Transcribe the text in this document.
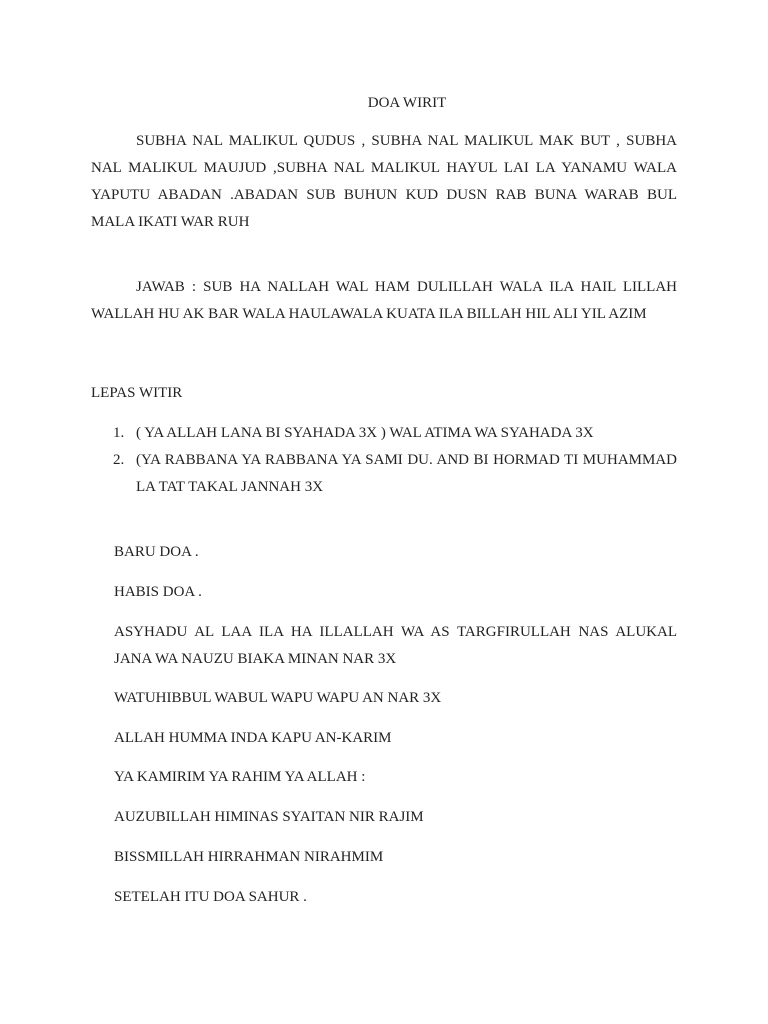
DOA WIRIT

SUBHA NAL MALIKUL QUDUS , SUBHA NAL MALIKUL MAK BUT , SUBHA NAL MALIKUL MAUJUD ,SUBHA NAL MALIKUL HAYUL LAI LA YANAMU WALA YAPUTU ABADAN .ABADAN SUB BUHUN KUD DUSN RAB BUNA WARAB BUL MALA IKATI WAR RUH

JAWAB : SUB HA NALLAH WAL HAM DULILLAH WALA ILA HAIL LILLAH WALLAH HU AK BAR WALA HAULAWALA KUATA ILA BILLAH HIL ALI YIL AZIM

LEPAS WITIR

1. ( YA ALLAH LANA BI SYAHADA 3X ) WAL ATIMA WA SYAHADA 3X
2. (YA RABBANA YA RABBANA YA SAMI DU. AND BI HORMAD TI MUHAMMAD LA TAT TAKAL JANNAH 3X

BARU DOA .

HABIS DOA .

ASYHADU AL LAA ILA HA ILLALLAH WA AS TARGFIRULLAH NAS ALUKAL JANA WA NAUZU BIAKA MINAN NAR 3X

WATUHIBBUL WABUL WAPU WAPU AN NAR 3X

ALLAH HUMMA INDA KAPU AN-KARIM

YA KAMIRIM YA RAHIM YA ALLAH :

AUZUBILLAH HIMINAS SYAITAN NIR RAJIM

BISSMILLAH HIRRAHMAN NIRAHMIM

SETELAH ITU DOA SAHUR .
